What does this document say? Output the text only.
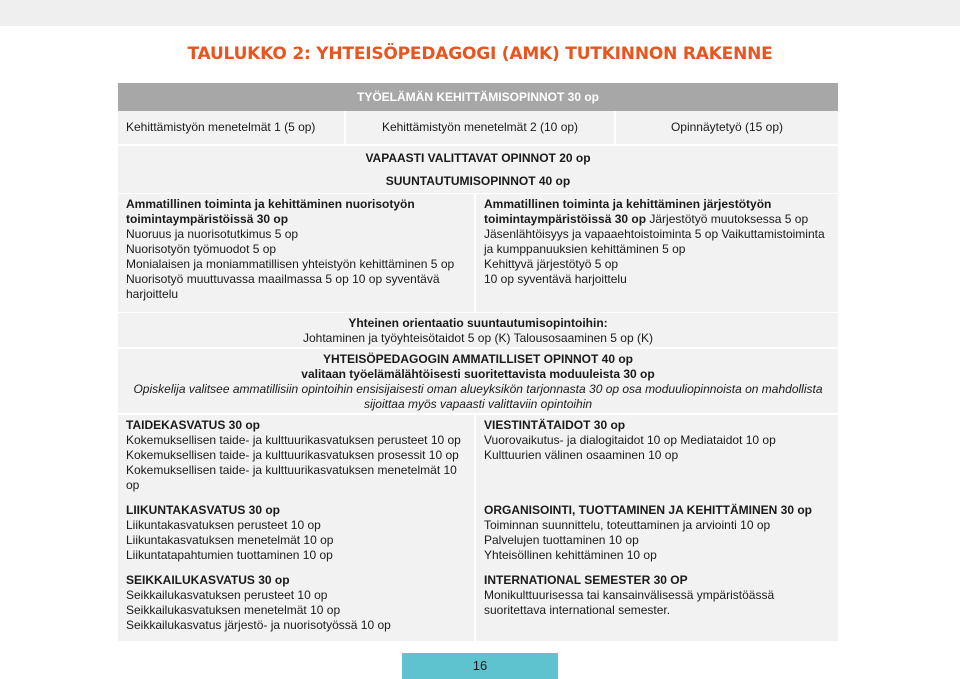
TAULUKKO 2: YHTEISÖPEDAGOGI (AMK) TUTKINNON RAKENNE
TYÖELÄMÄN KEHITTÄMISOPINNOT 30 op
Kehittämistyön menetelmät 1 (5 op)	Kehittämistyön menetelmät 2 (10 op)	Opinnäytetyö (15 op)
VAPAASTI VALITTAVAT OPINNOT 20 op
SUUNTAUTUMISOPINNOT 40 op
Ammatillinen toiminta ja kehittäminen nuorisotyön
toimintaympäristöissä 30 op
Nuoruus ja nuorisotutkimus 5 op
Nuorisotyön työmuodot 5 op
Monialaisen ja moniammatillisen yhteistyön kehittäminen 5 op
Nuorisotyö muuttuvassa maailmassa 5 op 10 op syventävä
harjoittelu
Ammatillinen toiminta ja kehittäminen järjestötyön
toimintaympäristöissä 30 op Järjestötyö muutoksessa 5 op
Jäsenlähtöisyys ja vapaaehtoistoiminta 5 op Vaikuttamistoiminta
ja kumppanuuksien kehittäminen 5 op
Kehittyvä järjestötyö 5 op
10 op syventävä harjoittelu
Yhteinen orientaatio suuntautumisopintoihin:
Johtaminen ja työyhteisötaidot 5 op (K) Talousosaaminen 5 op (K)
YHTEISÖPEDAGOGIN AMMATILLISET OPINNOT 40 op
valitaan työelämälähtöisesti suoritettavista moduuleista 30 op
Opiskelija valitsee ammatillisiin opintoihin ensisijaisesti oman alueyksikön tarjonnasta 30 op osa moduuliopinnoista on mahdollista
sijoittaa myös vapaasti valittaviin opintoihin
TAIDEKASVATUS 30 op
Kokemuksellisen taide- ja kulttuurikasvatuksen perusteet 10 op
Kokemuksellisen taide- ja kulttuurikasvatuksen prosessit 10 op
Kokemuksellisen taide- ja kulttuurikasvatuksen menetelmät 10
op
LIIKUNTAKASVATUS 30 op
Liikuntakasvatuksen perusteet 10 op
Liikuntakasvatuksen menetelmät 10 op
Liikuntatapahtumien tuottaminen 10 op
SEIKKAILUKASVATUS 30 op
Seikkailukasvatuksen perusteet 10 op
Seikkailukasvatuksen menetelmät 10 op
Seikkailukasvatus järjestö- ja nuorisotyössä 10 op
VIESTINTÄTAIDOT 30 op
Vuorovaikutus- ja dialogitaidot 10 op Mediataidot 10 op
Kulttuurien välinen osaaminen 10 op
ORGANISOINTI, TUOTTAMINEN JA KEHITTÄMINEN 30 op
Toiminnan suunnittelu, toteuttaminen ja arviointi 10 op
Palvelujen tuottaminen 10 op
Yhteisöllinen kehittäminen 10 op
INTERNATIONAL SEMESTER 30 OP
Monikulttuurisessa tai kansainvälisessä ympäristöässä
suoritettava international semester.
16
